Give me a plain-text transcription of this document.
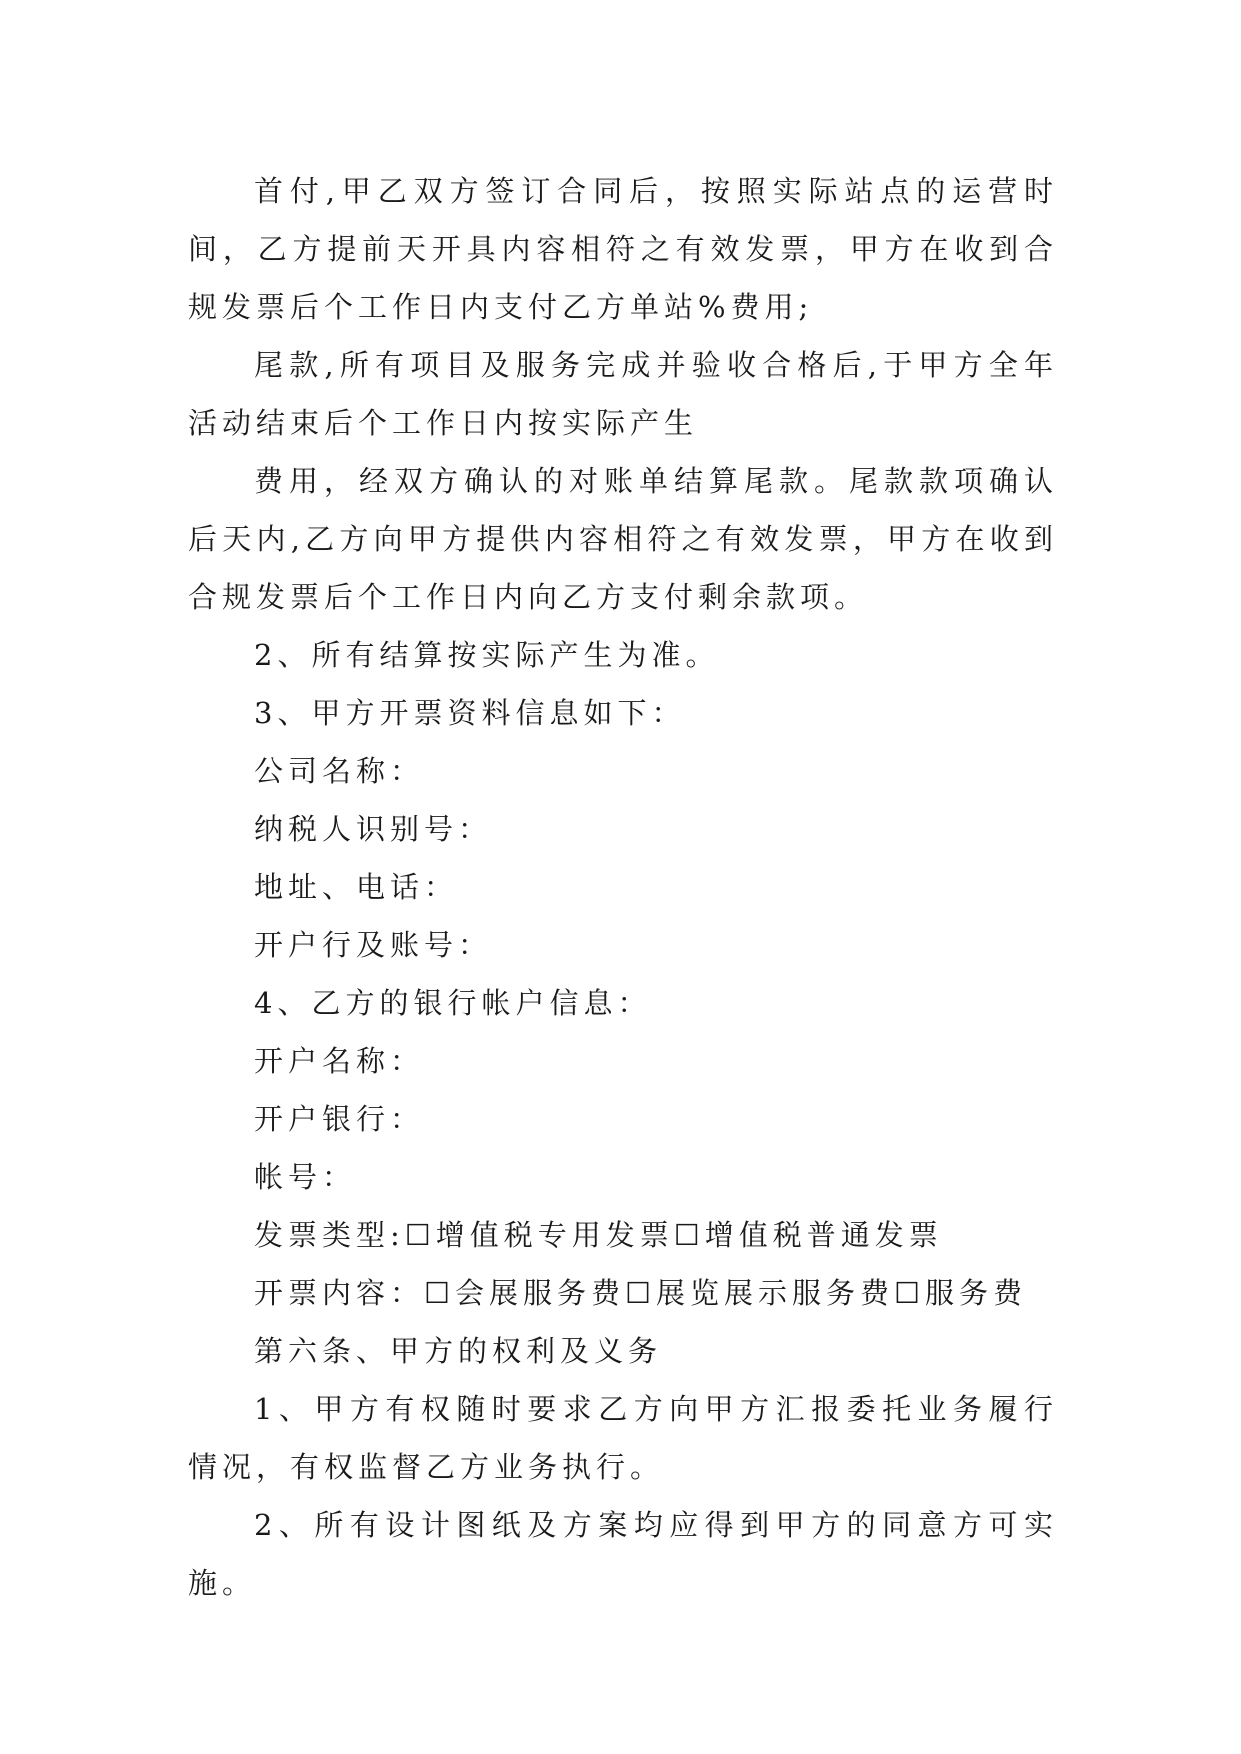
首付,甲乙双方签订合同后，按照实际站点的运营时间，乙方提前天开具内容相符之有效发票，甲方在收到合规发票后个工作日内支付乙方单站%费用;

尾款,所有项目及服务完成并验收合格后,于甲方全年活动结束后个工作日内按实际产生

费用，经双方确认的对账单结算尾款。尾款款项确认后天内,乙方向甲方提供内容相符之有效发票，甲方在收到合规发票后个工作日内向乙方支付剩余款项。

2、所有结算按实际产生为准。

3、甲方开票资料信息如下：

公司名称：

纳税人识别号：

地址、电话：

开户行及账号：

4、乙方的银行帐户信息：

开户名称：

开户银行：

帐号：

发票类型:☐增值税专用发票☐增值税普通发票

开票内容：☐会展服务费☐展览展示服务费☐服务费

第六条、甲方的权利及义务

1、甲方有权随时要求乙方向甲方汇报委托业务履行情况，有权监督乙方业务执行。

2、所有设计图纸及方案均应得到甲方的同意方可实施。
